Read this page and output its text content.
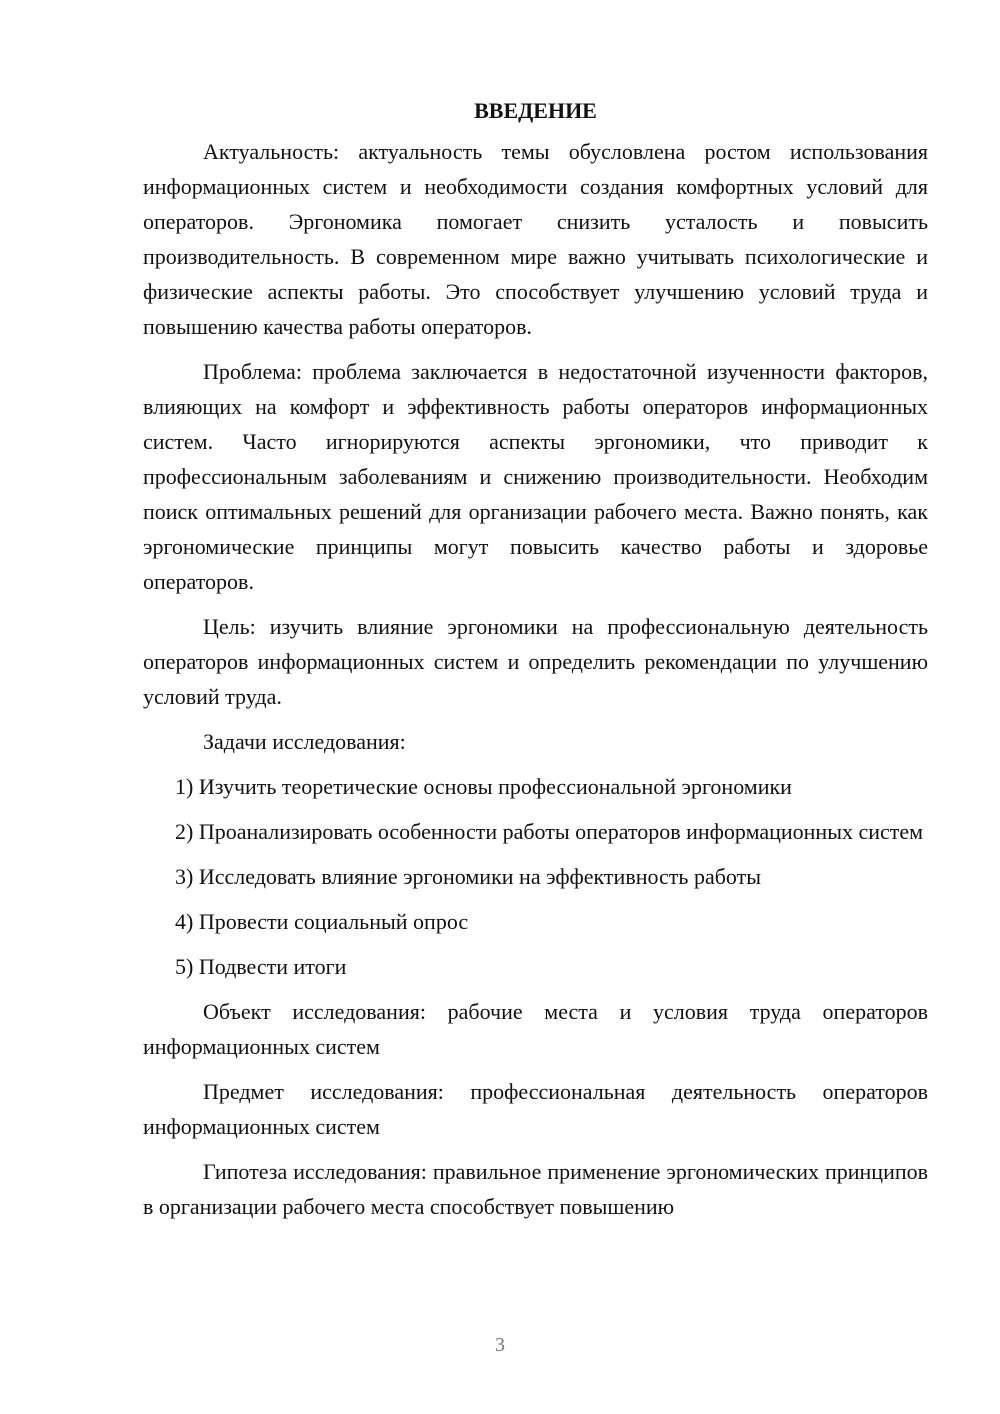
ВВЕДЕНИЕ

Актуальность: актуальность темы обусловлена ростом использования информационных систем и необходимости создания комфортных условий для операторов. Эргономика помогает снизить усталость и повысить производительность. В современном мире важно учитывать психологические и физические аспекты работы. Это способствует улучшению условий труда и повышению качества работы операторов.

Проблема: проблема заключается в недостаточной изученности факторов, влияющих на комфорт и эффективность работы операторов информационных систем. Часто игнорируются аспекты эргономики, что приводит к профессиональным заболеваниям и снижению производительности. Необходим поиск оптимальных решений для организации рабочего места. Важно понять, как эргономические принципы могут повысить качество работы и здоровье операторов.

Цель: изучить влияние эргономики на профессиональную деятельность операторов информационных систем и определить рекомендации по улучшению условий труда.

Задачи исследования:

1) Изучить теоретические основы профессиональной эргономики

2) Проанализировать особенности работы операторов информационных систем

3) Исследовать влияние эргономики на эффективность работы

4) Провести социальный опрос

5) Подвести итоги

Объект исследования: рабочие места и условия труда операторов информационных систем

Предмет исследования: профессиональная деятельность операторов информационных систем

Гипотеза исследования: правильное применение эргономических принципов в организации рабочего места способствует повышению

3
